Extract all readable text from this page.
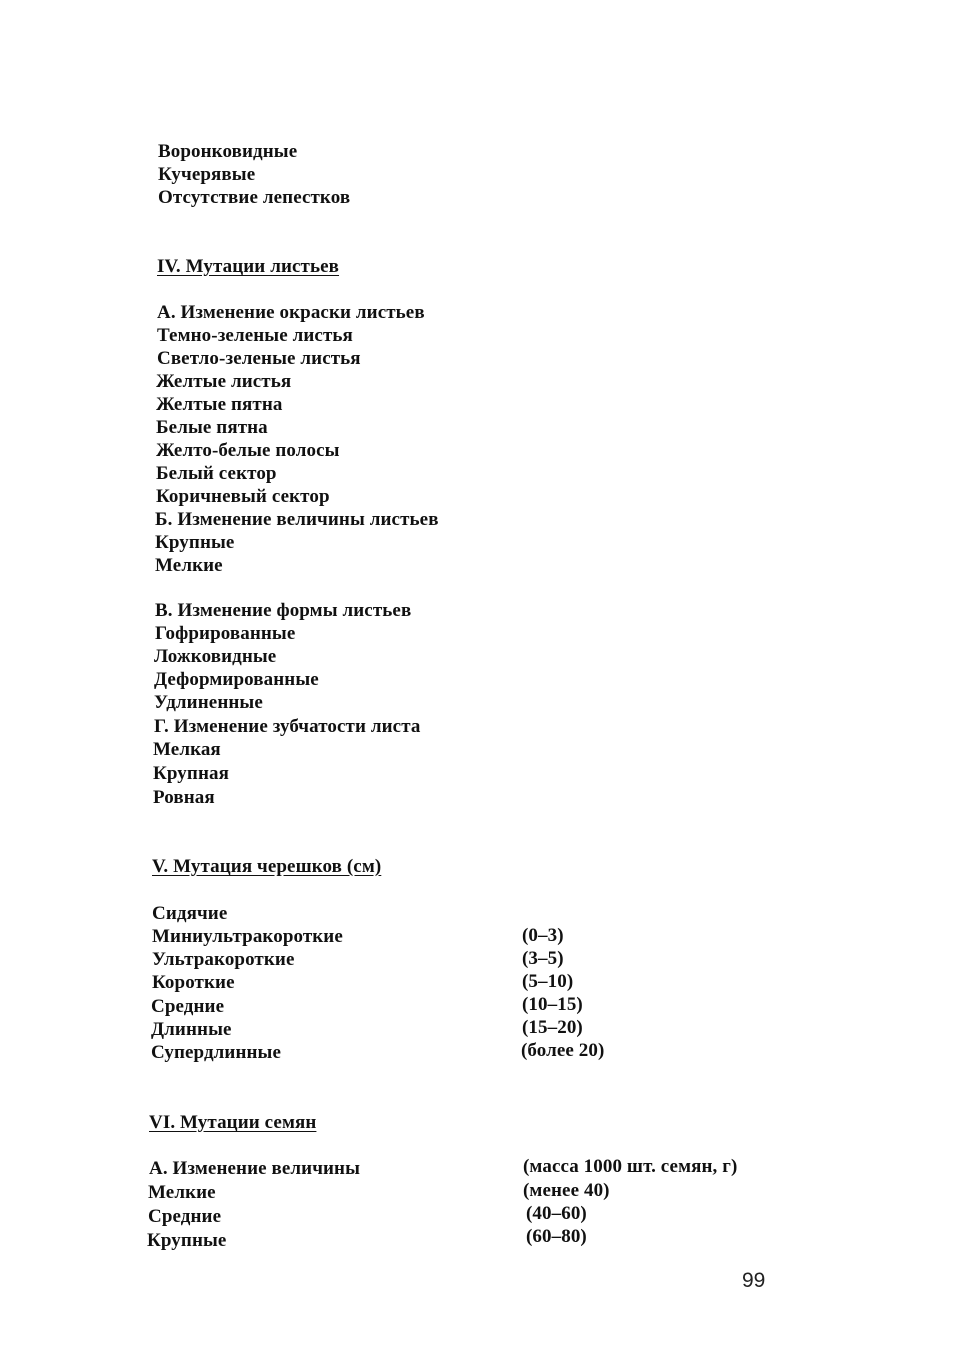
Воронковидные
Кучерявые
Отсутствие лепестков
IV. Мутации листьев
А. Изменение окраски листьев
Темно-зеленые листья
Светло-зеленые листья
Желтые листья
Желтые пятна
Белые пятна
Желто-белые полосы
Белый сектор
Коричневый сектор
Б. Изменение величины листьев
Крупные
Мелкие
В. Изменение формы листьев
Гофрированные
Ложковидные
Деформированные
Удлиненные
Г. Изменение зубчатости листа
Мелкая
Крупная
Ровная
V. Мутация черешков (см)
Сидячие
Миниультракороткие	(0–3)
Ультракороткие	(3–5)
Короткие	(5–10)
Средние	(10–15)
Длинные	(15–20)
Супердлинные	(более 20)
VI. Мутации семян
А. Изменение величины	(масса 1000 шт. семян, г)
Мелкие	(менее 40)
Средние	(40–60)
Крупные	(60–80)
99
